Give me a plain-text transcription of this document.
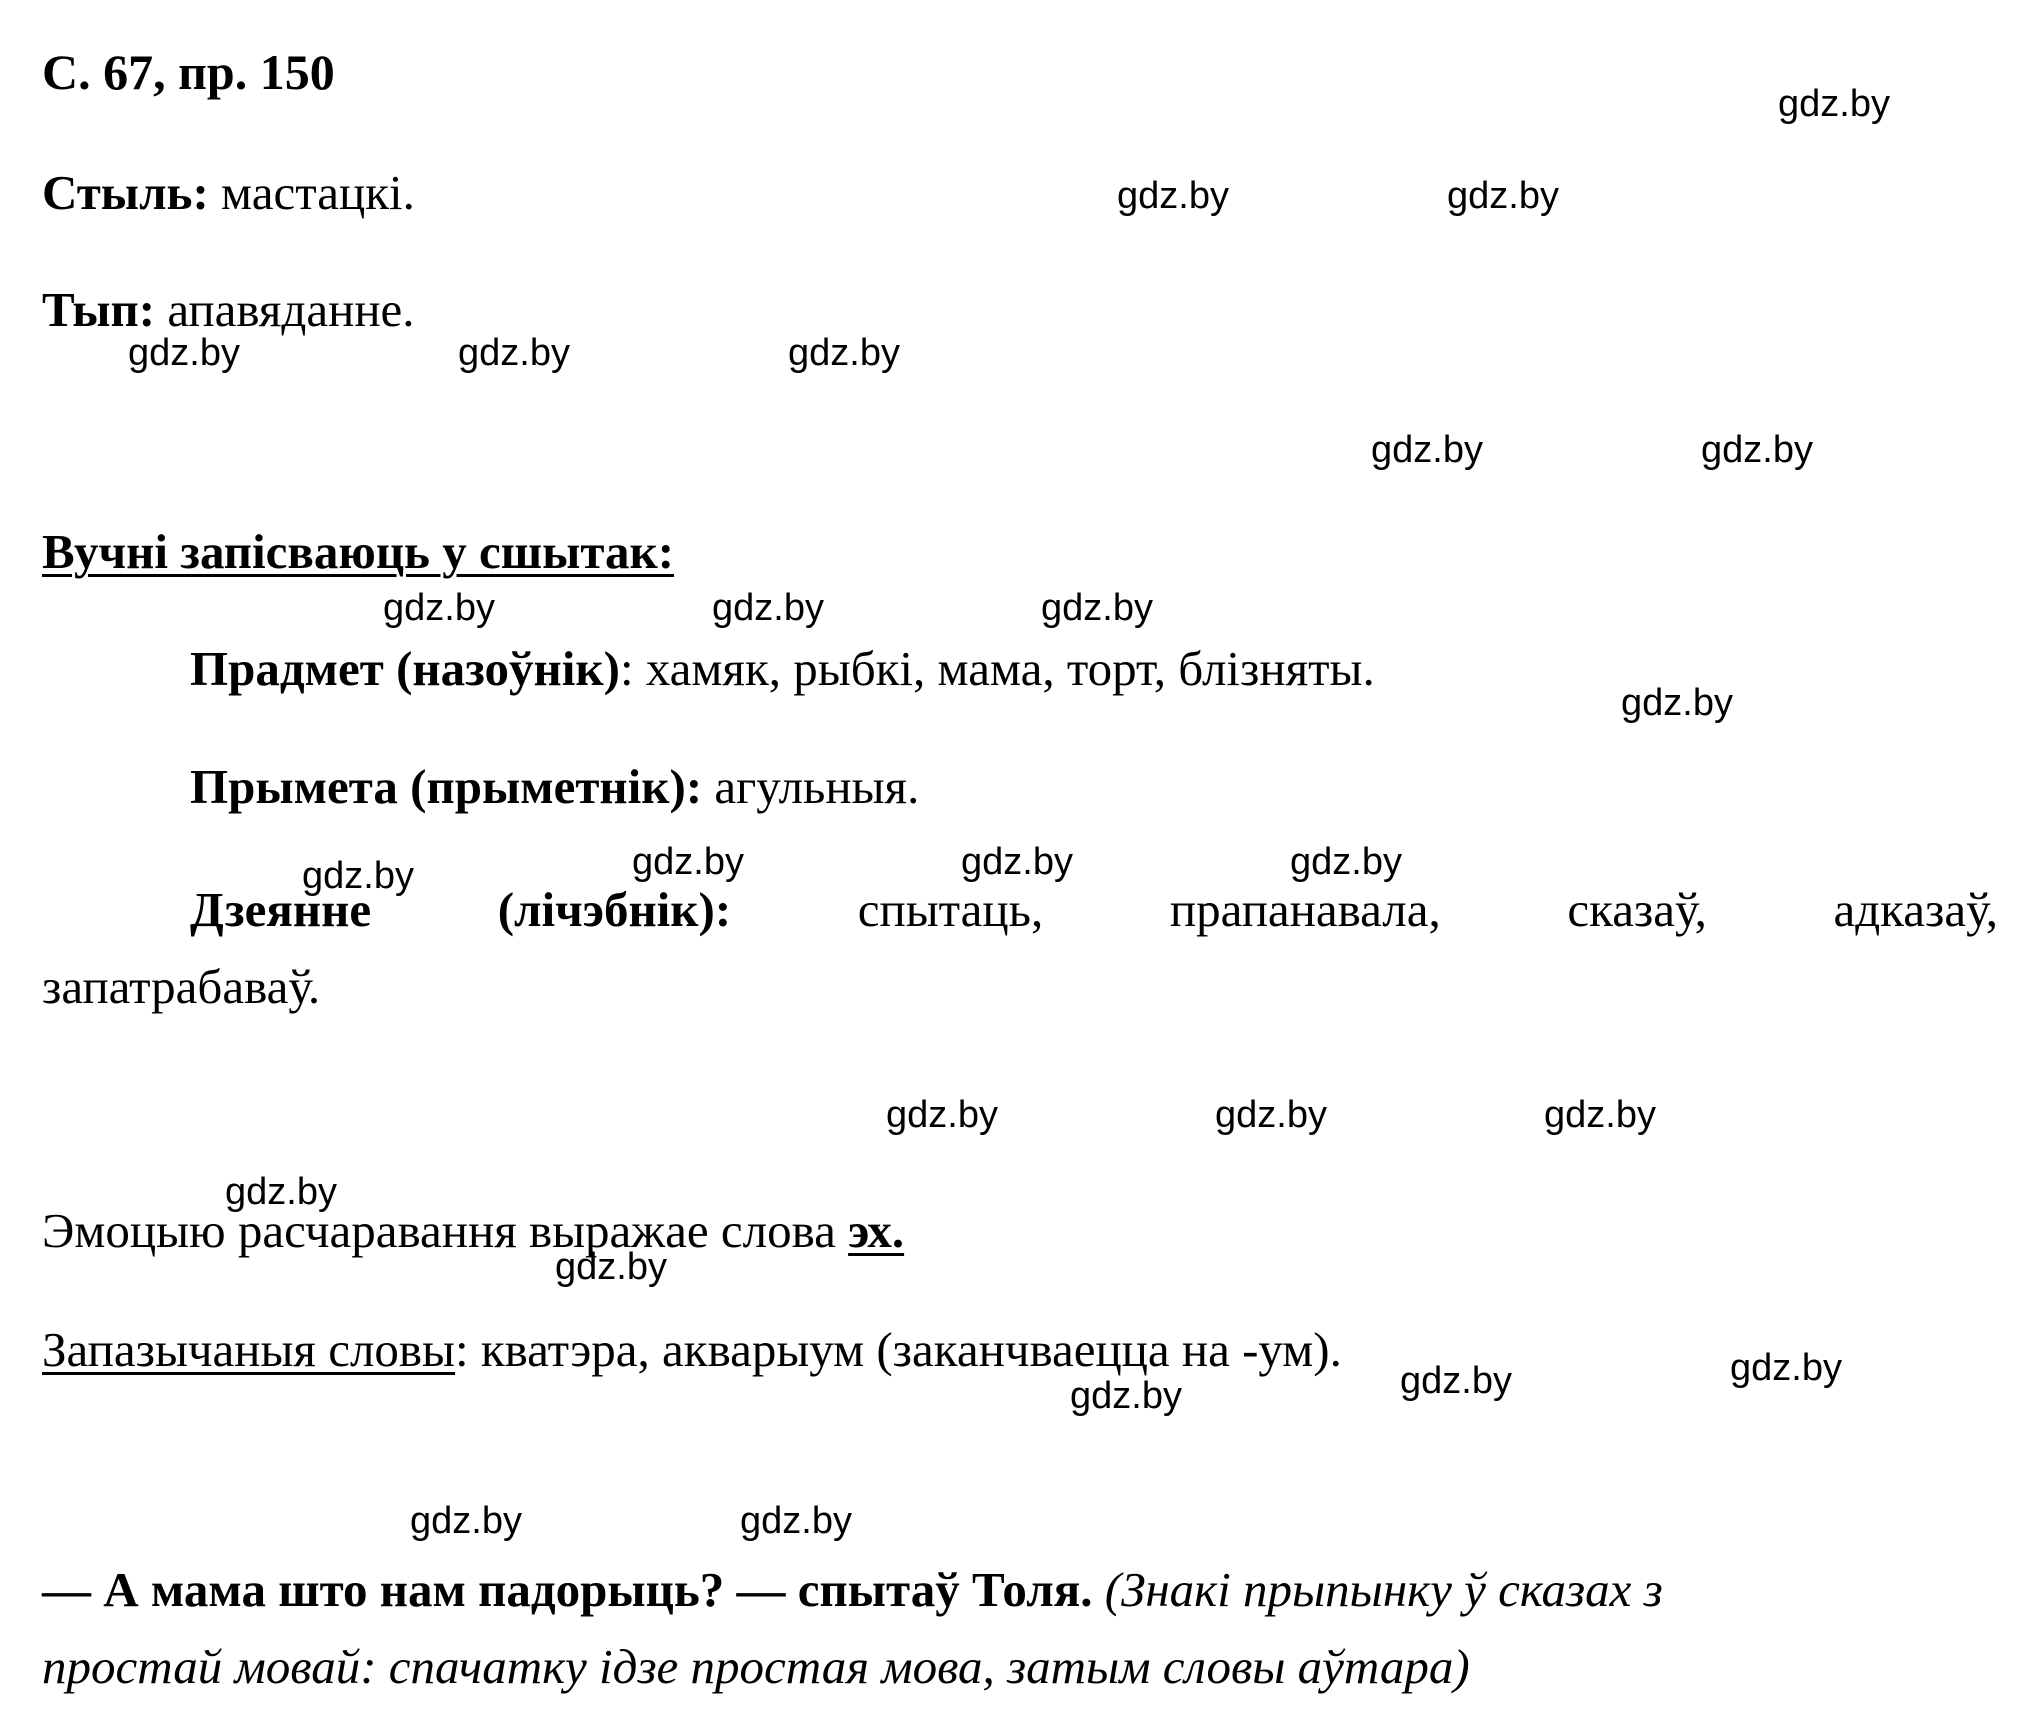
С. 67, пр. 150
Стыль: мастацкі.
Тып: апавяданне.
Вучні запісваюць у сшытак:
Прадмет (назоўнік): хамяк, рыбкі, мама, торт, блізняты.
Прымета (прыметнік): агульныя.
Дзеянне	(лічэбнік):	спытаць,	прапанавала,	сказаў,	адказаў,
запатрабаваў.
Эмоцыю расчаравання выражае слова эх.
Запазычаныя словы: кватэра, акварыум (заканчваецца на -ум).
— А мама што нам падорыць? — спытаў Толя. (Знакі прыпынку ў сказах з
простай мовай: спачатку ідзе простая мова, затым словы аўтара)
gdz.by
gdz.by	gdz.by
gdz.by	gdz.by	gdz.by
gdz.by	gdz.by
gdz.by	gdz.by	gdz.by
gdz.by
gdz.by	gdz.by	gdz.by	gdz.by
gdz.by	gdz.by	gdz.by
gdz.by
gdz.by
gdz.by	gdz.by	gdz.by
gdz.by	gdz.by
